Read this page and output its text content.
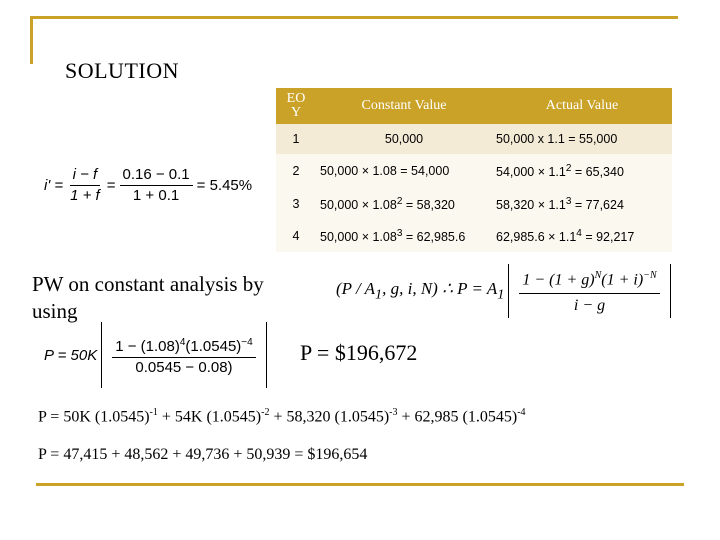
SOLUTION
EO
Y	Constant Value	Actual Value
1	50,000	50,000 x 1.1 = 55,000
2	50,000 × 1.08 = 54,000	$54,000 \times 1.1^2 = 65,340$
3	$50,000 \times 1.08^2 = 58,320$	$58,320 \times 1.1^3 = 77,624$
4	$50,000 \times 1.08^3 = 62,985.6$	$62,985.6 \times 1.1^4 = 92,217$
$i' = \frac{i - f}{1 + f} = \frac{0.16 - 0.1}{1 + 0.1} = 5.45\%$
PW on constant analysis by using
($P / A_1$, g, i, N) ∴ $P = A_1 \frac{1 - (1 + g)^N(1 + i)^{-N}}{i - g}$
$P = 50K \frac{1 - (1.08)^4(1.0545)^{-4}}{0.0545 - 0.08)}$ P = $196,672
P = 50K $(1.0545)^{-1} + 54K$ $(1.0545)^{-2} + 58,320$ $(1.0545)^{-3} + 62,985$ $(1.0545)^{-4}$
P = 47,415 + 48,562 + 49,736 + 50,939 = $196,654
